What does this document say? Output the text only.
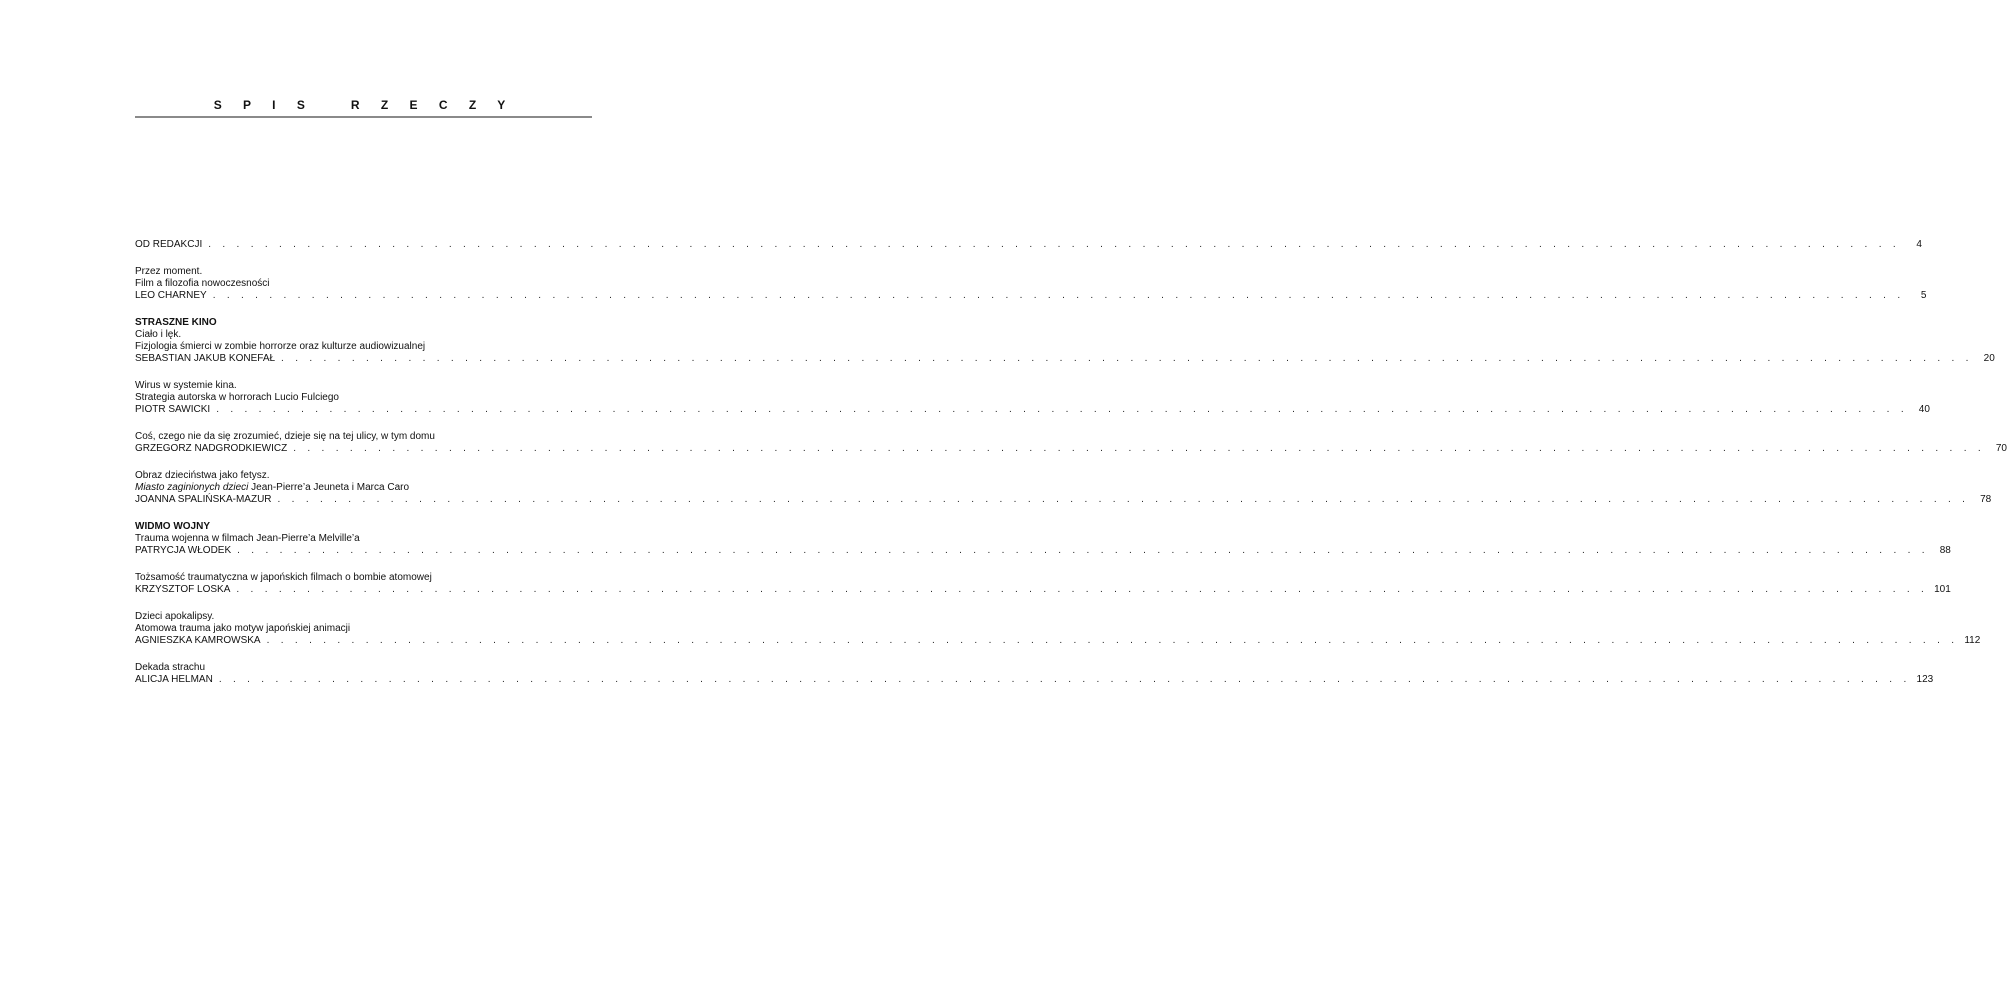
S P I S   R Z E C Z Y
OD REDAKCJI . . . . . . . . . . . . . . . . . . . . . . . . . . . . . . . . . . . . . . . . . . . . . . . . . . . . . . . . . . . . . . . . . . . . . . . . . . . . . . . . . . . . . . . . . . . . . . . . . . . . . . . . . . . . . . . . . . . . . . . .	4
Przez moment.
Film a filozofia nowoczesności
LEO CHARNEY . . . . . . . . . . . . . . . . . . . . . . . . . . . . . . . . . . . . . . . . . . . . . . . . . . . . . . . . . . . . . . . . . . . . . . . . . . . . . . . . . . . . . . . . . . . . . . . . . . . . . . . . . . . . . . . . . . . . . . . .	5
STRASZNE KINO
Ciało i lęk.
Fizjologia śmierci w zombie horrorze oraz kulturze audiowizualnej
SEBASTIAN JAKUB KONEFAŁ . . . . . . . . . . . . . . . . . . . . . . . . . . . . . . . . . . . . . . . . . . . . . . . . . . . . . . . . . . . . . . . . . . . . . . . . . . . . . . . . . . . . . . . . . . . . . . . . . . . . . . . . . . . . . . . . . . . . . . . .	20
Wirus w systemie kina.
Strategia autorska w horrorach Lucio Fulciego
PIOTR SAWICKI . . . . . . . . . . . . . . . . . . . . . . . . . . . . . . . . . . . . . . . . . . . . . . . . . . . . . . . . . . . . . . . . . . . . . . . . . . . . . . . . . . . . . . . . . . . . . . . . . . . . . . . . . . . . . . . . . . . . . . . .	40
Coś, czego nie da się zrozumieć, dzieje się na tej ulicy, w tym domu
GRZEGORZ NADGRODKIEWICZ . . . . . . . . . . . . . . . . . . . . . . . . . . . . . . . . . . . . . . . . . . . . . . . . . . . . . . . . . . . . . . . . . . . . . . . . . . . . . . . . . . . . . . . . . . . . . . . . . . . . . . . . . . . . . . . . . . . . . . . .	70
Obraz dzieciństwa jako fetysz.
Miasto zaginionych dzieci Jean-Pierre’a Jeuneta i Marca Caro
JOANNA SPALIŃSKA-MAZUR . . . . . . . . . . . . . . . . . . . . . . . . . . . . . . . . . . . . . . . . . . . . . . . . . . . . . . . . . . . . . . . . . . . . . . . . . . . . . . . . . . . . . . . . . . . . . . . . . . . . . . . . . . . . . . . . . . . . . . . .	78
WIDMO WOJNY
Trauma wojenna w filmach Jean-Pierre’a Melville’a
PATRYCJA WŁODEK . . . . . . . . . . . . . . . . . . . . . . . . . . . . . . . . . . . . . . . . . . . . . . . . . . . . . . . . . . . . . . . . . . . . . . . . . . . . . . . . . . . . . . . . . . . . . . . . . . . . . . . . . . . . . . . . . . . . . . . .	88
Tożsamość traumatyczna w japońskich filmach o bombie atomowej
KRZYSZTOF LOSKA . . . . . . . . . . . . . . . . . . . . . . . . . . . . . . . . . . . . . . . . . . . . . . . . . . . . . . . . . . . . . . . . . . . . . . . . . . . . . . . . . . . . . . . . . . . . . . . . . . . . . . . . . . . . . . . . . . . . . . . . 101
Dzieci apokalipsy.
Atomowa trauma jako motyw japońskiej animacji
AGNIESZKA KAMROWSKA . . . . . . . . . . . . . . . . . . . . . . . . . . . . . . . . . . . . . . . . . . . . . . . . . . . . . . . . . . . . . . . . . . . . . . . . . . . . . . . . . . . . . . . . . . . . . . . . . . . . . . . . . . . . . . . . . . . . . . . . 112
Dekada strachu
ALICJA HELMAN . . . . . . . . . . . . . . . . . . . . . . . . . . . . . . . . . . . . . . . . . . . . . . . . . . . . . . . . . . . . . . . . . . . . . . . . . . . . . . . . . . . . . . . . . . . . . . . . . . . . . . . . . . . . . . . . . . . . . . . . 123
